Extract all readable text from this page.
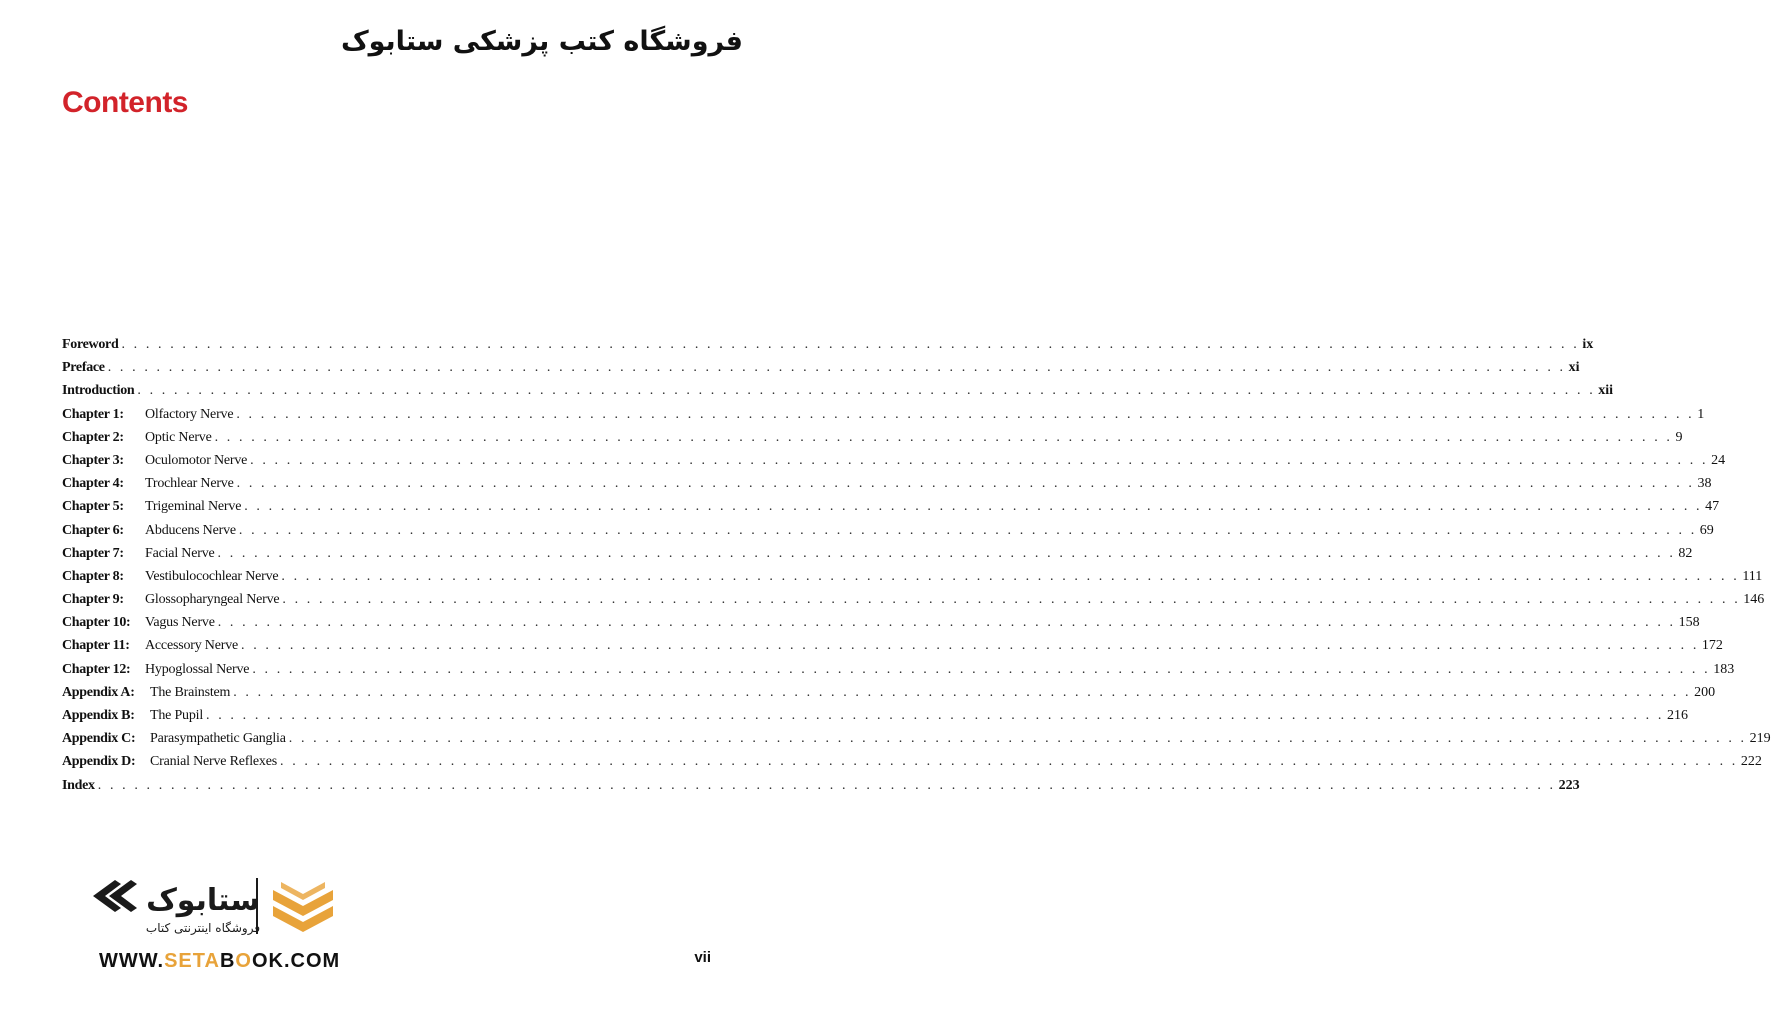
فروشگاه کتب پزشکی ستابوک
Contents
Foreword . . . . . . . . . . . . . . . . . . . . . . . . . . . . . . . . . . . . . . . . . . . . . . . . . . . . . . . . . . . . . . . . . . . . . . . . . . . . . . . . . . . . . . . . . . . . . . . . . . . . . . . . . . . . . . . . . . . . . . . . ix
Preface . . . . . . . . . . . . . . . . . . . . . . . . . . . . . . . . . . . . . . . . . . . . . . . . . . . . . . . . . . . . . . . . . . . . . . . . . . . . . . . . . . . . . . . . . . . . . . . . . . . . . . . . . . . . . . . . . . . . . . . . xi
Introduction . . . . . . . . . . . . . . . . . . . . . . . . . . . . . . . . . . . . . . . . . . . . . . . . . . . . . . . . . . . . . . . . . . . . . . . . . . . . . . . . . . . . . . . . . . . . . . . . . . . . . . . . . . . . . . . . . . . . . . . . xii
Chapter 1:	Olfactory Nerve . . . . . . . . . . . . . . . . . . . . . . . . . . . . . . . . . . . . . . . . . . . . . . . . . . . . . . . . . . . . . . . . . . . . . . . . . . . . . . . . . . . . . . . . . . . . . . . . . . . . . . . . . . . . . . . . . . . . . . . . 1
Chapter 2:	Optic Nerve . . . . . . . . . . . . . . . . . . . . . . . . . . . . . . . . . . . . . . . . . . . . . . . . . . . . . . . . . . . . . . . . . . . . . . . . . . . . . . . . . . . . . . . . . . . . . . . . . . . . . . . . . . . . . . . . . . . . . . . . 9
Chapter 3:	Oculomotor Nerve . . . . . . . . . . . . . . . . . . . . . . . . . . . . . . . . . . . . . . . . . . . . . . . . . . . . . . . . . . . . . . . . . . . . . . . . . . . . . . . . . . . . . . . . . . . . . . . . . . . . . . . . . . . . . . . . . . . . . . . . 24
Chapter 4:	Trochlear Nerve . . . . . . . . . . . . . . . . . . . . . . . . . . . . . . . . . . . . . . . . . . . . . . . . . . . . . . . . . . . . . . . . . . . . . . . . . . . . . . . . . . . . . . . . . . . . . . . . . . . . . . . . . . . . . . . . . . . . . . . . 38
Chapter 5:	Trigeminal Nerve . . . . . . . . . . . . . . . . . . . . . . . . . . . . . . . . . . . . . . . . . . . . . . . . . . . . . . . . . . . . . . . . . . . . . . . . . . . . . . . . . . . . . . . . . . . . . . . . . . . . . . . . . . . . . . . . . . . . . . . . 47
Chapter 6:	Abducens Nerve . . . . . . . . . . . . . . . . . . . . . . . . . . . . . . . . . . . . . . . . . . . . . . . . . . . . . . . . . . . . . . . . . . . . . . . . . . . . . . . . . . . . . . . . . . . . . . . . . . . . . . . . . . . . . . . . . . . . . . . . 69
Chapter 7:	Facial Nerve . . . . . . . . . . . . . . . . . . . . . . . . . . . . . . . . . . . . . . . . . . . . . . . . . . . . . . . . . . . . . . . . . . . . . . . . . . . . . . . . . . . . . . . . . . . . . . . . . . . . . . . . . . . . . . . . . . . . . . . . 82
Chapter 8:	Vestibulocochlear Nerve . . . . . . . . . . . . . . . . . . . . . . . . . . . . . . . . . . . . . . . . . . . . . . . . . . . . . . . . . . . . . . . . . . . . . . . . . . . . . . . . . . . . . . . . . . . . . . . . . . . . . . . . . . . . . . . . . . . . . . . . 111
Chapter 9:	Glossopharyngeal Nerve . . . . . . . . . . . . . . . . . . . . . . . . . . . . . . . . . . . . . . . . . . . . . . . . . . . . . . . . . . . . . . . . . . . . . . . . . . . . . . . . . . . . . . . . . . . . . . . . . . . . . . . . . . . . . . . . . . . . . . . . 146
Chapter 10:	Vagus Nerve . . . . . . . . . . . . . . . . . . . . . . . . . . . . . . . . . . . . . . . . . . . . . . . . . . . . . . . . . . . . . . . . . . . . . . . . . . . . . . . . . . . . . . . . . . . . . . . . . . . . . . . . . . . . . . . . . . . . . . . . 158
Chapter 11:	Accessory Nerve . . . . . . . . . . . . . . . . . . . . . . . . . . . . . . . . . . . . . . . . . . . . . . . . . . . . . . . . . . . . . . . . . . . . . . . . . . . . . . . . . . . . . . . . . . . . . . . . . . . . . . . . . . . . . . . . . . . . . . . . 172
Chapter 12:	Hypoglossal Nerve . . . . . . . . . . . . . . . . . . . . . . . . . . . . . . . . . . . . . . . . . . . . . . . . . . . . . . . . . . . . . . . . . . . . . . . . . . . . . . . . . . . . . . . . . . . . . . . . . . . . . . . . . . . . . . . . . . . . . . . . 183
Appendix A:	The Brainstem . . . . . . . . . . . . . . . . . . . . . . . . . . . . . . . . . . . . . . . . . . . . . . . . . . . . . . . . . . . . . . . . . . . . . . . . . . . . . . . . . . . . . . . . . . . . . . . . . . . . . . . . . . . . . . . . . . . . . . . . 200
Appendix B:	The Pupil . . . . . . . . . . . . . . . . . . . . . . . . . . . . . . . . . . . . . . . . . . . . . . . . . . . . . . . . . . . . . . . . . . . . . . . . . . . . . . . . . . . . . . . . . . . . . . . . . . . . . . . . . . . . . . . . . . . . . . . . 216
Appendix C:	Parasympathetic Ganglia . . . . . . . . . . . . . . . . . . . . . . . . . . . . . . . . . . . . . . . . . . . . . . . . . . . . . . . . . . . . . . . . . . . . . . . . . . . . . . . . . . . . . . . . . . . . . . . . . . . . . . . . . . . . . . . . . . . . . . . . 219
Appendix D:	Cranial Nerve Reflexes . . . . . . . . . . . . . . . . . . . . . . . . . . . . . . . . . . . . . . . . . . . . . . . . . . . . . . . . . . . . . . . . . . . . . . . . . . . . . . . . . . . . . . . . . . . . . . . . . . . . . . . . . . . . . . . . . . . . . . . . 222
Index . . . . . . . . . . . . . . . . . . . . . . . . . . . . . . . . . . . . . . . . . . . . . . . . . . . . . . . . . . . . . . . . . . . . . . . . . . . . . . . . . . . . . . . . . . . . . . . . . . . . . . . . . . . . . . . . . . . . . . . . 223
ستابوک
فروشگاه اینترنتی کتاب
WWW.SETABOOK.COM	vii
